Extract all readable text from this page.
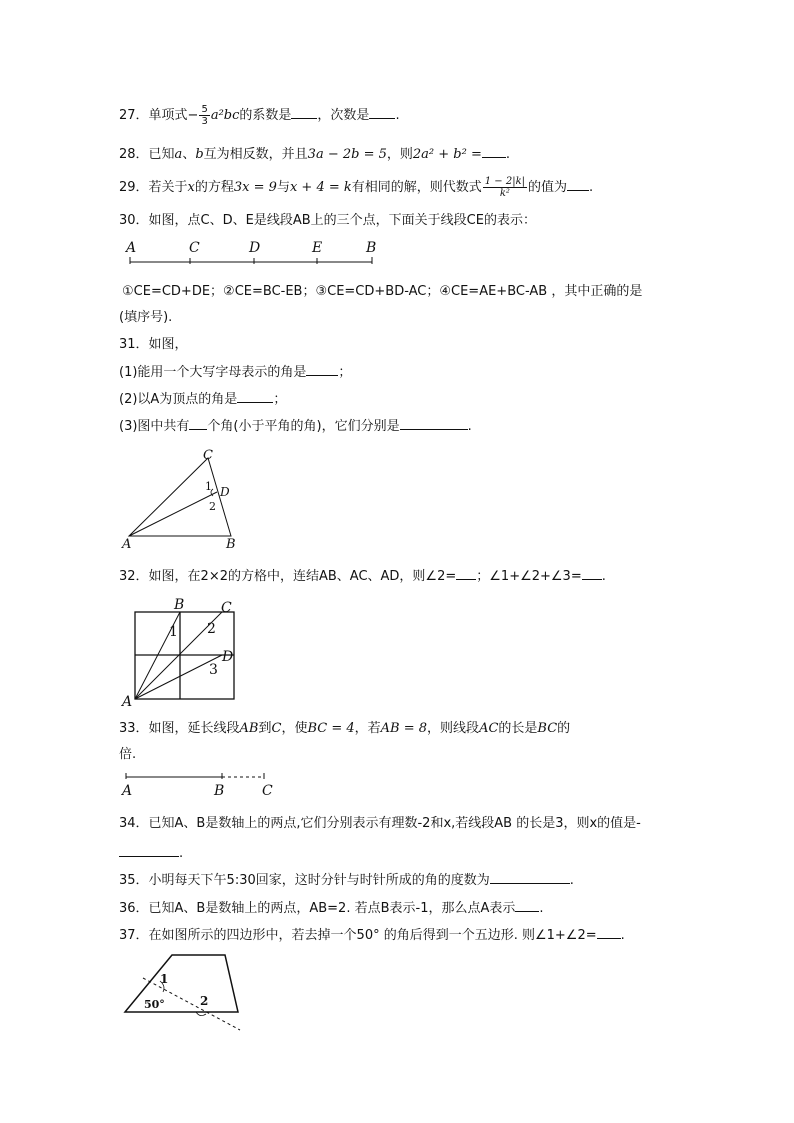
27．单项式− $\frac{5}{3} a^2bc$的系数是 ，次数是 .
28．已知a、b互为相反数，并且3a − 2b = 5，则2a² + b² = .
29．若关于x的方程3x = 9与x + 4 = k有相同的解，则代数式 $\frac{1 - 2|k|}{\text{k²}}$ 的值为 .
30．如图，点C、D、E是线段AB上的三个点，下面关于线段CE的表示：
A	C	D	E	B
①CE=CD+DE；②CE=BC-EB；③CE=CD+BD-AC；④CE=AE+BC-AB ，其中正确的是
(填序号).
31．如图，
(1)能用一个大写字母表示的角是 ；
(2)以A为顶点的角是	；
(3)图中共有 个角(小于平角的角)，它们分别是	.
C
D
A	B
1
2
32．如图，在2×2的方格中，连结AB、AC、AD，则∠2= ；∠1+∠2+∠3= .
B	C
D
A
1 2
3
33．如图，延长线段AB到C，使BC = 4，若AB = 8，则线段AC的长是BC的
倍.
A	B	C
34．已知A、B是数轴上的两点,它们分别表示有理数-2和x,若线段AB 的长是3，则x的值是-
.
35．小明每天下午5:30回家，这时分针与时针所成的角的度数为	.
36．已知A、B是数轴上的两点，AB=2. 若点B表示-1，那么点A表示 .
37．在如图所示的四边形中，若去掉一个50° 的角后得到一个五边形. 则∠1+∠2= .
1
2
50°
